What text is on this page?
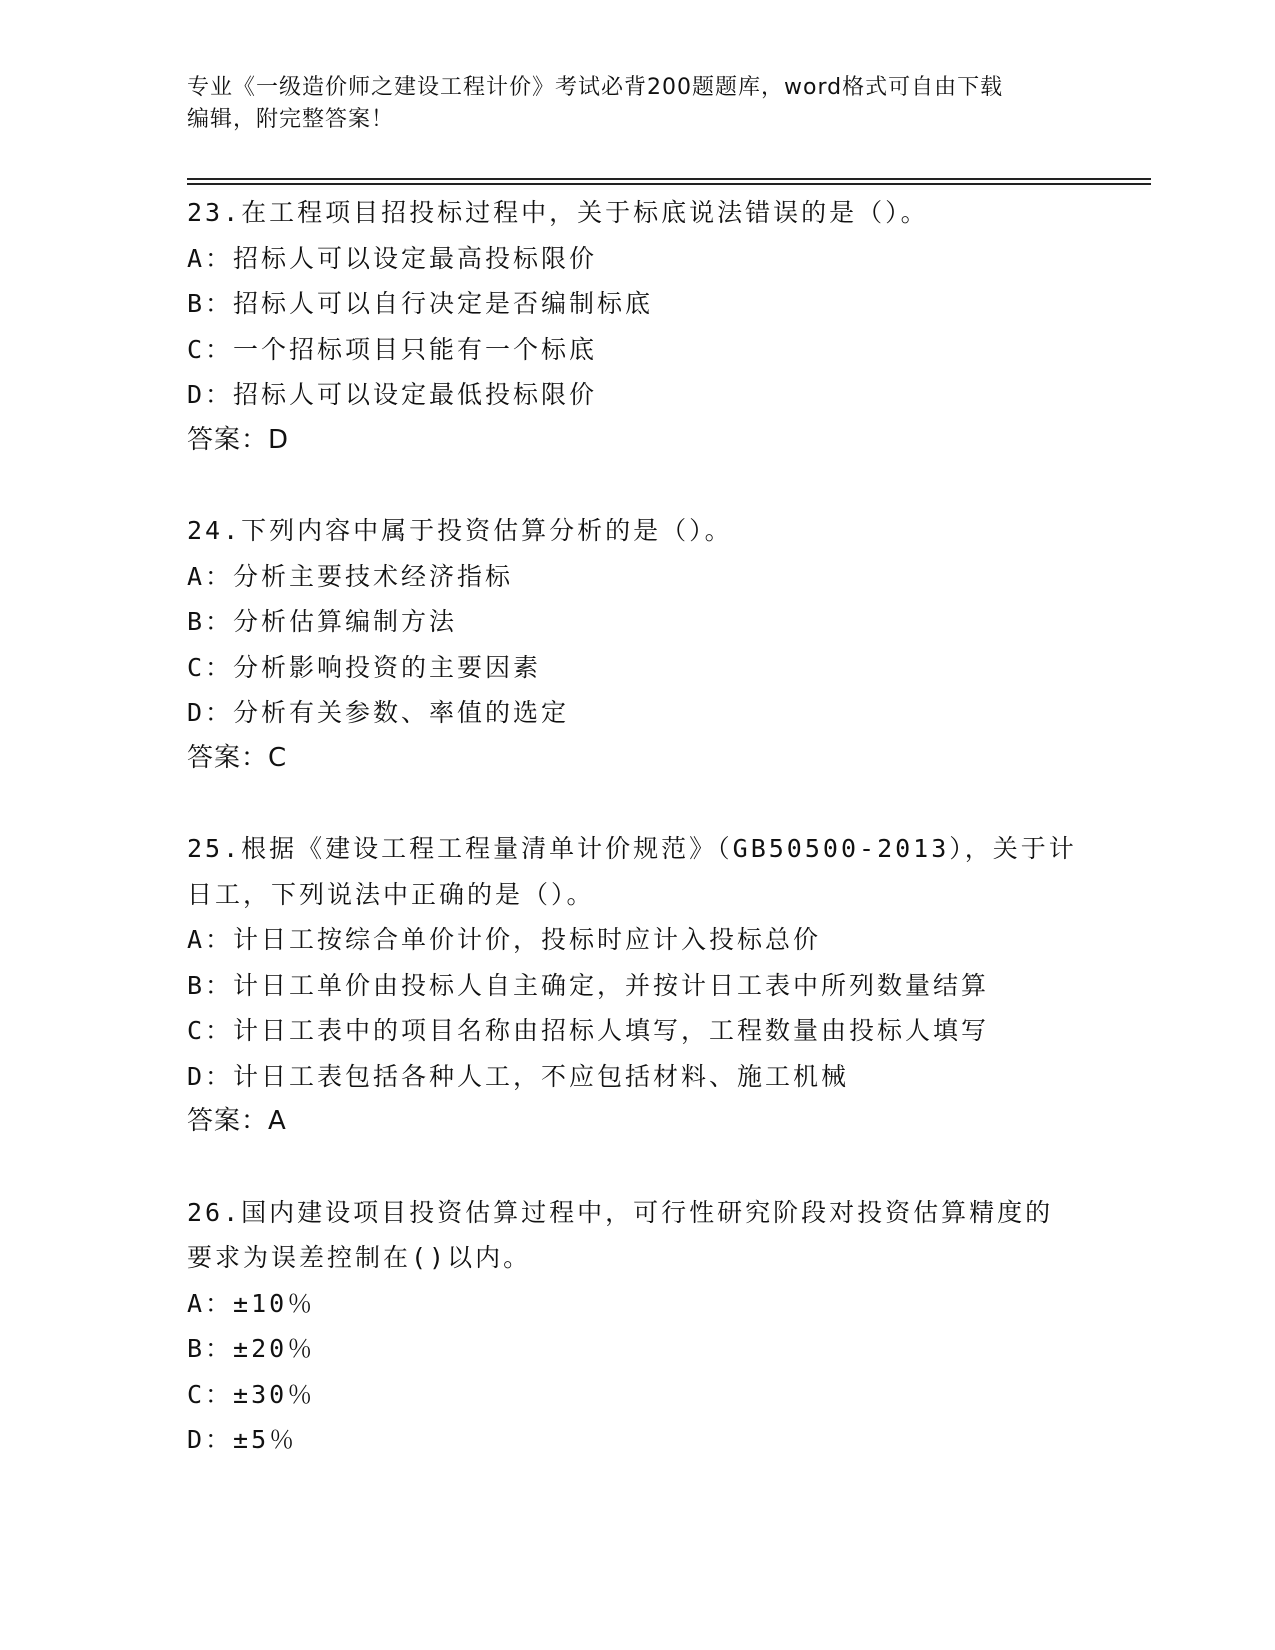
专业《一级造价师之建设工程计价》考试必背200题题库，word格式可自由下载
编辑，附完整答案！
23.在工程项目招投标过程中，关于标底说法错误的是（）。
A：招标人可以设定最高投标限价
B：招标人可以自行决定是否编制标底
C：一个招标项目只能有一个标底
D：招标人可以设定最低投标限价
答案：D
24.下列内容中属于投资估算分析的是（）。
A：分析主要技术经济指标
B：分析估算编制方法
C：分析影响投资的主要因素
D：分析有关参数、率值的选定
答案：C
25.根据《建设工程工程量清单计价规范》（GB50500-2013），关于计
日工，下列说法中正确的是（）。
A：计日工按综合单价计价，投标时应计入投标总价
B：计日工单价由投标人自主确定，并按计日工表中所列数量结算
C：计日工表中的项目名称由招标人填写，工程数量由投标人填写
D：计日工表包括各种人工，不应包括材料、施工机械
答案：A
26.国内建设项目投资估算过程中，可行性研究阶段对投资估算精度的
要求为误差控制在()以内。
A：±10％
B：±20％
C：±30％
D：±5％
